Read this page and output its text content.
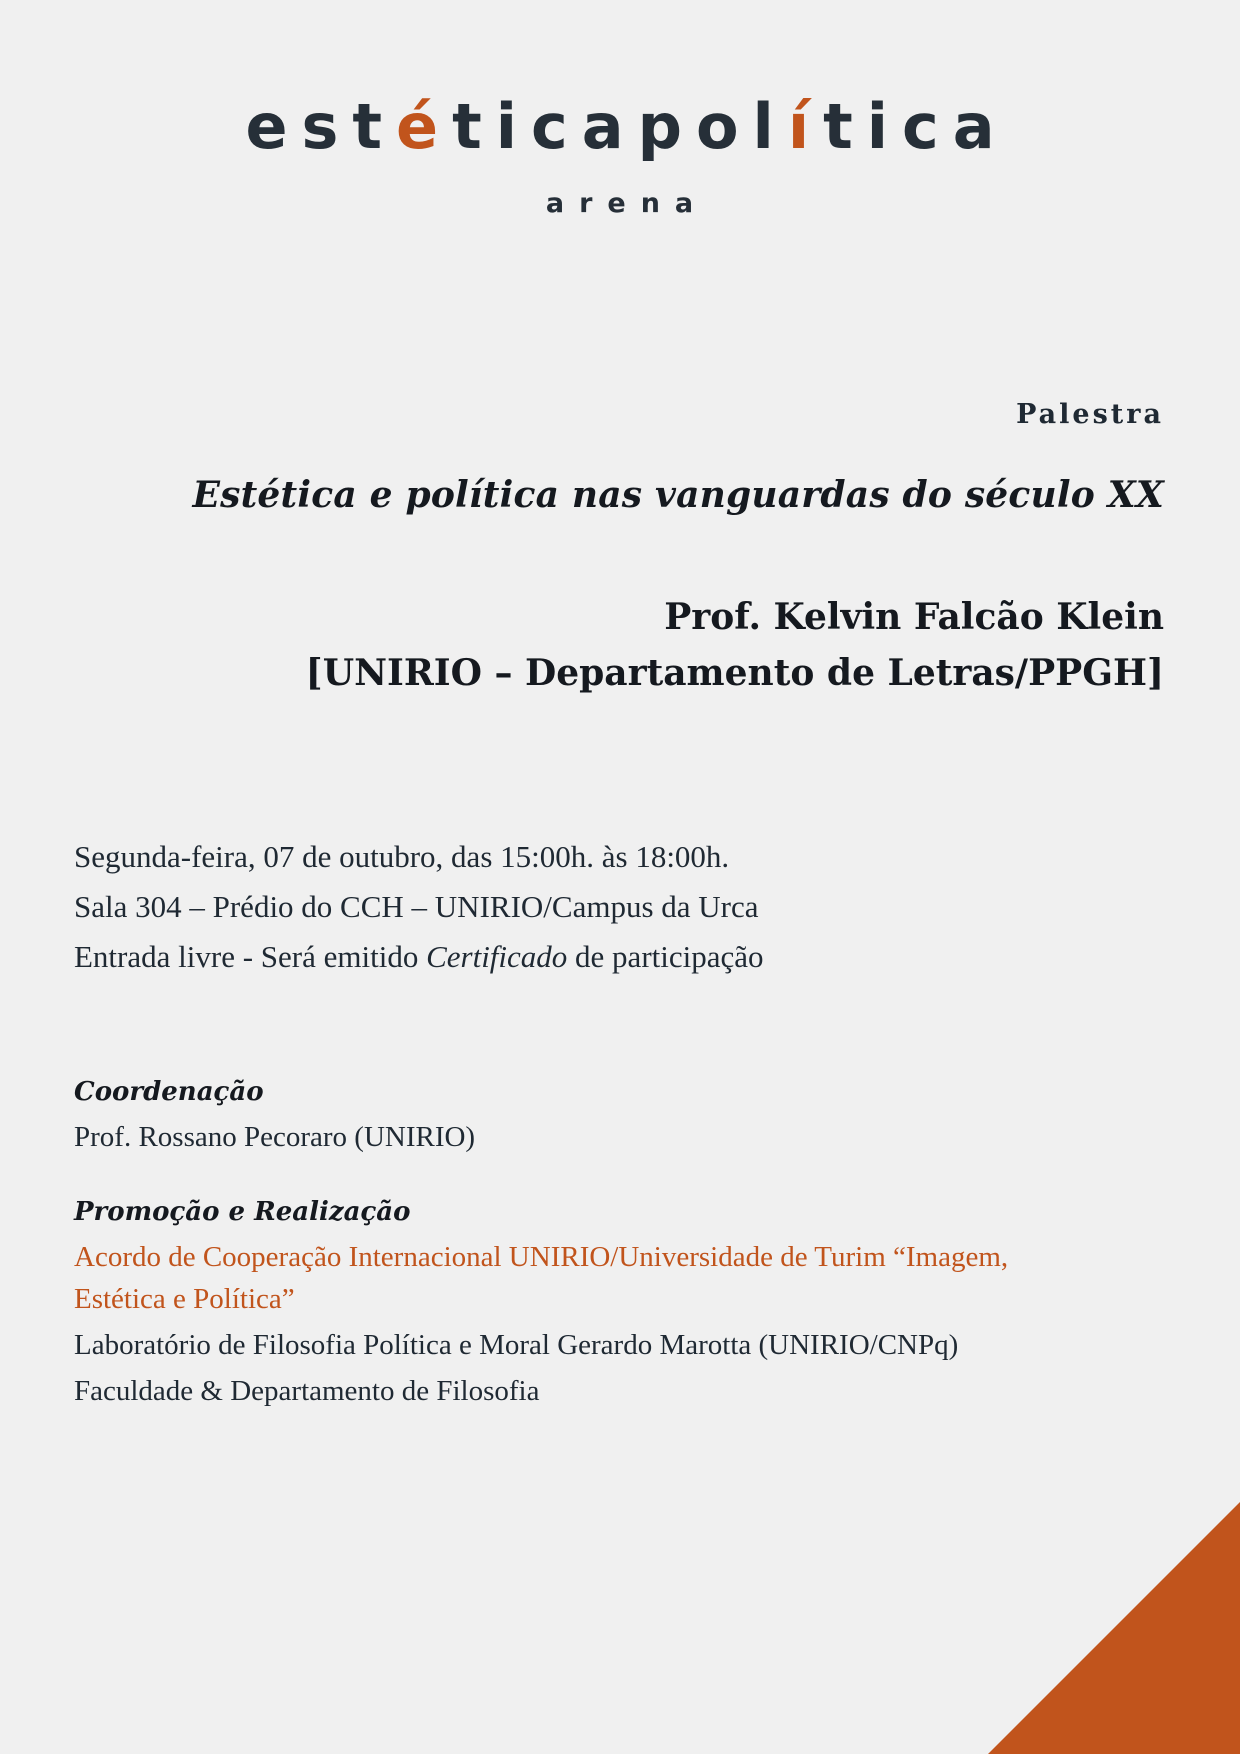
estéticapolítica
arena
Palestra
Estética e política nas vanguardas do século XX
Prof. Kelvin Falcão Klein
[UNIRIO – Departamento de Letras/PPGH]
Segunda-feira, 07 de outubro, das 15:00h. às 18:00h.
Sala 304 – Prédio do CCH – UNIRIO/Campus da Urca
Entrada livre - Será emitido Certificado de participação
Coordenação
Prof. Rossano Pecoraro (UNIRIO)
Promoção e Realização
Acordo de Cooperação Internacional UNIRIO/Universidade de Turim “Imagem, Estética e Política”
Laboratório de Filosofia Política e Moral Gerardo Marotta (UNIRIO/CNPq)
Faculdade & Departamento de Filosofia
